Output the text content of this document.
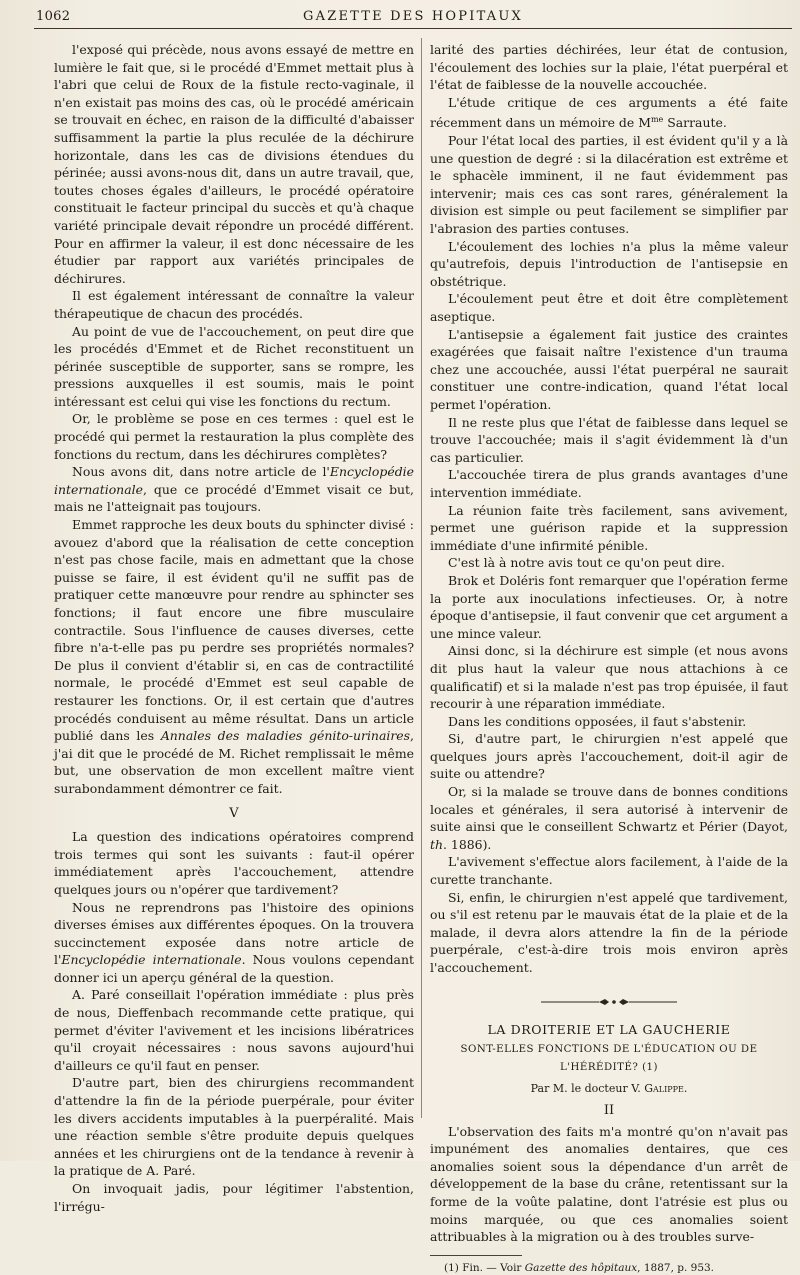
1062	GAZETTE DES HOPITAUX

l'exposé qui précède, nous avons essayé de mettre en lumière le fait que, si le procédé d'Emmet mettait plus à l'abri que celui de Roux de la fistule recto-vaginale, il n'en existait pas moins des cas, où le procédé américain se trouvait en échec, en raison de la difficulté d'abaisser suffisamment la partie la plus reculée de la déchirure horizontale, dans les cas de divisions étendues du périnée; aussi avons-nous dit, dans un autre travail, que, toutes choses égales d'ailleurs, le procédé opératoire constituait le facteur principal du succès et qu'à chaque variété principale devait répondre un procédé différent. Pour en affirmer la valeur, il est donc nécessaire de les étudier par rapport aux variétés principales de déchirures.

Il est également intéressant de connaître la valeur thérapeutique de chacun des procédés.

Au point de vue de l'accouchement, on peut dire que les procédés d'Emmet et de Richet reconstituent un périnée susceptible de supporter, sans se rompre, les pressions auxquelles il est soumis, mais le point intéressant est celui qui vise les fonctions du rectum.

Or, le problème se pose en ces termes : quel est le procédé qui permet la restauration la plus complète des fonctions du rectum, dans les déchirures complètes?

Nous avons dit, dans notre article de l'Encyclopédie internationale, que ce procédé d'Emmet visait ce but, mais ne l'atteignait pas toujours.

Emmet rapproche les deux bouts du sphincter divisé : avouez d'abord que la réalisation de cette conception n'est pas chose facile, mais en admettant que la chose puisse se faire, il est évident qu'il ne suffit pas de pratiquer cette manœuvre pour rendre au sphincter ses fonctions; il faut encore une fibre musculaire contractile. Sous l'influence de causes diverses, cette fibre n'a-t-elle pas pu perdre ses propriétés normales? De plus il convient d'établir si, en cas de contractilité normale, le procédé d'Emmet est seul capable de restaurer les fonctions. Or, il est certain que d'autres procédés conduisent au même résultat. Dans un article publié dans les Annales des maladies génito-urinaires, j'ai dit que le procédé de M. Richet remplissait le même but, une observation de mon excellent maître vient surabondamment démontrer ce fait.

V

La question des indications opératoires comprend trois termes qui sont les suivants : faut-il opérer immédiatement après l'accouchement, attendre quelques jours ou n'opérer que tardivement?

Nous ne reprendrons pas l'histoire des opinions diverses émises aux différentes époques. On la trouvera succinctement exposée dans notre article de l'Encyclopédie internationale. Nous voulons cependant donner ici un aperçu général de la question.

A. Paré conseillait l'opération immédiate : plus près de nous, Dieffenbach recommande cette pratique, qui permet d'éviter l'avivement et les incisions libératrices qu'il croyait nécessaires : nous savons aujourd'hui d'ailleurs ce qu'il faut en penser.

D'autre part, bien des chirurgiens recommandent d'attendre la fin de la période puerpérale, pour éviter les divers accidents imputables à la puerpéralité. Mais une réaction semble s'être produite depuis quelques années et les chirurgiens ont de la tendance à revenir à la pratique de A. Paré.

On invoquait jadis, pour légitimer l'abstention, l'irrégu-

larité des parties déchirées, leur état de contusion, l'écoulement des lochies sur la plaie, l'état puerpéral et l'état de faiblesse de la nouvelle accouchée.

L'étude critique de ces arguments a été faite récemment dans un mémoire de $M^{me}$ Sarraute.

Pour l'état local des parties, il est évident qu'il y a là une question de degré : si la dilacération est extrême et le sphacèle imminent, il ne faut évidemment pas intervenir; mais ces cas sont rares, généralement la division est simple ou peut facilement se simplifier par l'abrasion des parties contuses.

L'écoulement des lochies n'a plus la même valeur qu'autrefois, depuis l'introduction de l'antisepsie en obstétrique.

L'écoulement peut être et doit être complètement aseptique.

L'antisepsie a également fait justice des craintes exagérées que faisait naître l'existence d'un trauma chez une accouchée, aussi l'état puerpéral ne saurait constituer une contre-indication, quand l'état local permet l'opération.

Il ne reste plus que l'état de faiblesse dans lequel se trouve l'accouchée; mais il s'agit évidemment là d'un cas particulier.

L'accouchée tirera de plus grands avantages d'une intervention immédiate.

La réunion faite très facilement, sans avivement, permet une guérison rapide et la suppression immédiate d'une infirmité pénible.

C'est là à notre avis tout ce qu'on peut dire.

Brok et Doléris font remarquer que l'opération ferme la porte aux inoculations infectieuses. Or, à notre époque d'antisepsie, il faut convenir que cet argument a une mince valeur.

Ainsi donc, si la déchirure est simple (et nous avons dit plus haut la valeur que nous attachions à ce qualificatif) et si la malade n'est pas trop épuisée, il faut recourir à une réparation immédiate.

Dans les conditions opposées, il faut s'abstenir.

Si, d'autre part, le chirurgien n'est appelé que quelques jours après l'accouchement, doit-il agir de suite ou attendre?

Or, si la malade se trouve dans de bonnes conditions locales et générales, il sera autorisé à intervenir de suite ainsi que le conseillent Schwartz et Périer (Dayot, th. 1886).

L'avivement s'effectue alors facilement, à l'aide de la curette tranchante.

Si, enfin, le chirurgien n'est appelé que tardivement, ou s'il est retenu par le mauvais état de la plaie et de la malade, il devra alors attendre la fin de la période puerpérale, c'est-à-dire trois mois environ après l'accouchement.

LA DROITERIE ET LA GAUCHERIE
SONT-ELLES FONCTIONS DE L'ÉDUCATION OU DE L'HÉRÉDITÉ? (1)
Par M. le docteur V. Galippe.
II

L'observation des faits m'a montré qu'on n'avait pas impunément des anomalies dentaires, que ces anomalies soient sous la dépendance d'un arrêt de développement de la base du crâne, retentissant sur la forme de la voûte palatine, dont l'atrésie est plus ou moins marquée, ou que ces anomalies soient attribuables à la migration ou à des troubles surve-

(1) Fin. — Voir Gazette des hôpitaux, 1887, p. 953.
